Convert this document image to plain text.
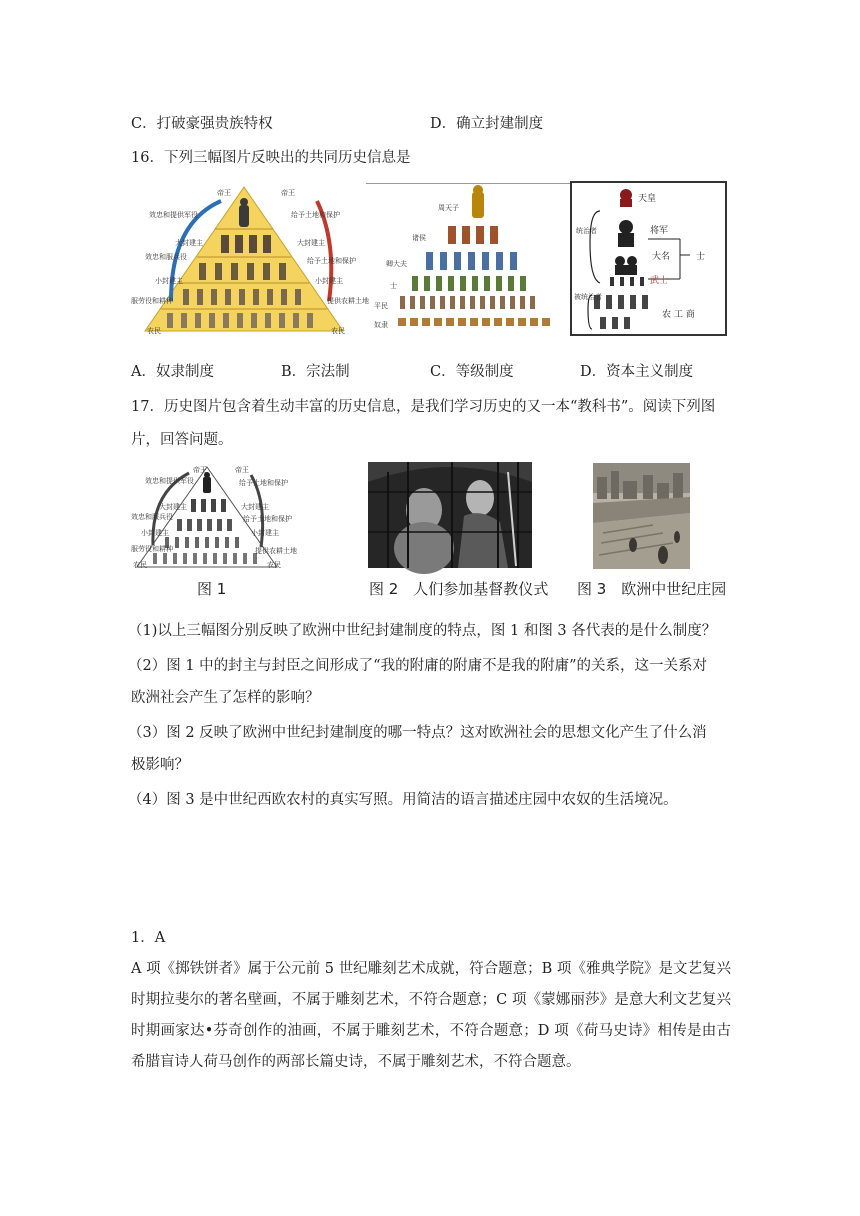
C．打破豪强贵族特权	D．确立封建制度
16．下列三幅图片反映出的共同历史信息是
帝王	帝王
效忠和提供军役	给予土地和保护
大封建主	大封建主
效忠和服兵役	给予土地和保护
小封建主	小封建主
服劳役和耕种	提供农耕土地
农民	农民
周天子
诸侯
卿大夫
士
平民
奴隶
天皇
将军
大名
武士
士
农 工 商
统治者
被统治者
A．奴隶制度	B．宗法制	C．等级制度	D．资本主义制度
17．历史图片包含着生动丰富的历史信息，是我们学习历史的又一本“教科书”。阅读下列图
片，回答问题。
帝王	帝王
效忠和提供军役	给予土地和保护
大封建主	大封建主
效忠和服兵役	给予土地和保护
小封建主	小封建主
服劳役和耕种	提供农耕土地
农民	农民
图 1	图 2　人们参加基督教仪式 图 3　欧洲中世纪庄园
（1)以上三幅图分别反映了欧洲中世纪封建制度的特点，图 1 和图 3 各代表的是什么制度？
（2）图 1 中的封主与封臣之间形成了“我的附庸的附庸不是我的附庸”的关系，这一关系对
欧洲社会产生了怎样的影响？
（3）图 2 反映了欧洲中世纪封建制度的哪一特点？这对欧洲社会的思想文化产生了什么消
极影响？
（4）图 3 是中世纪西欧农村的真实写照。用简洁的语言描述庄园中农奴的生活境况。
1．A
A 项《掷铁饼者》属于公元前 5 世纪雕刻艺术成就，符合题意；B 项《雅典学院》是文艺复兴时期拉斐尔的著名壁画，不属于雕刻艺术，不符合题意；C 项《蒙娜丽莎》是意大利文艺复兴时期画家达•芬奇创作的油画，不属于雕刻艺术，不符合题意；D 项《荷马史诗》相传是由古希腊盲诗人荷马创作的两部长篇史诗，不属于雕刻艺术，不符合题意。
